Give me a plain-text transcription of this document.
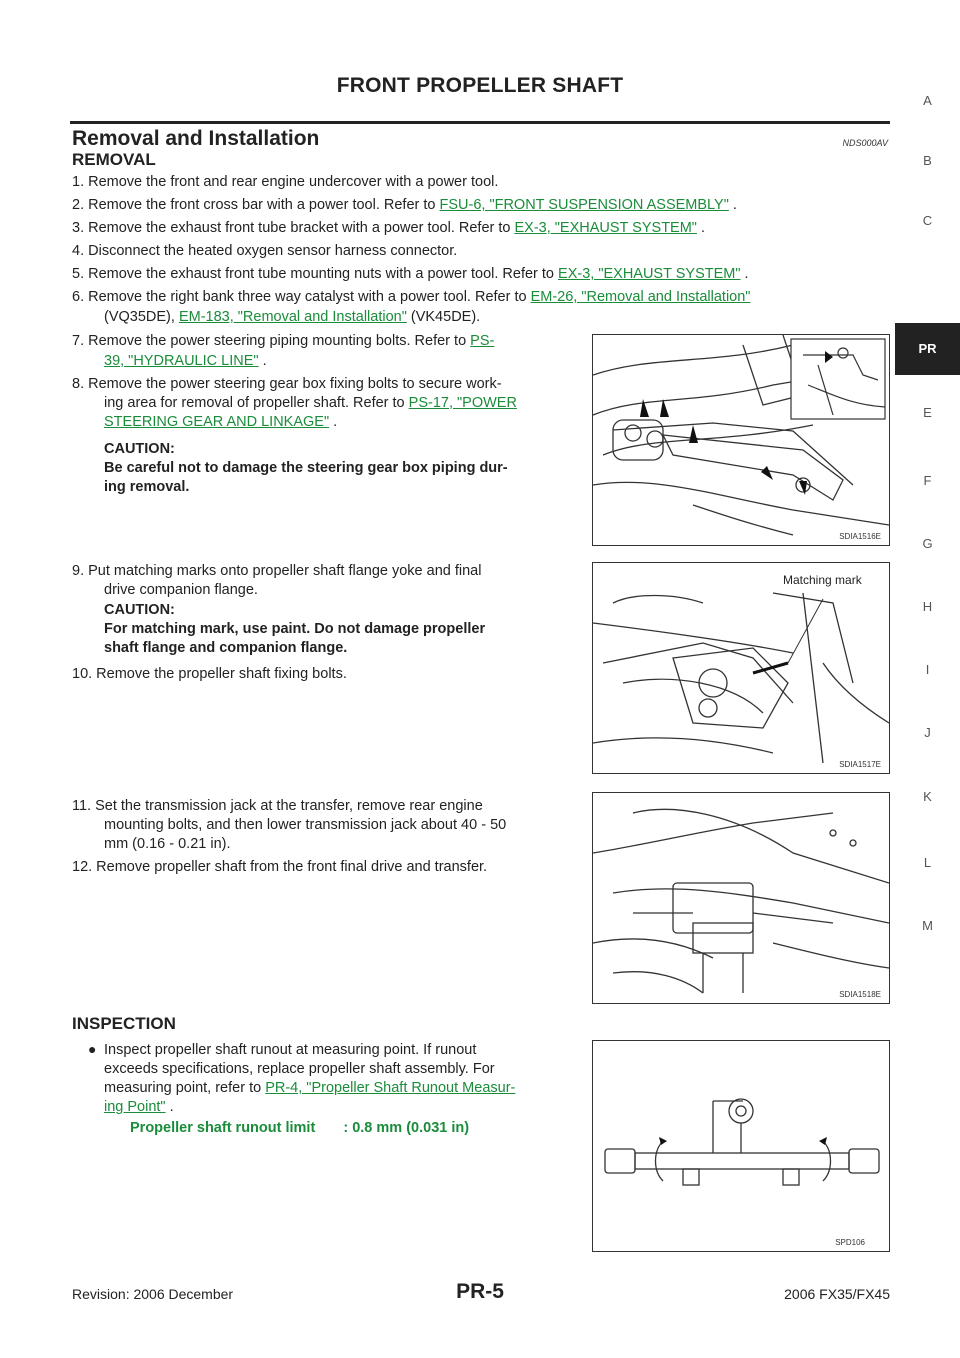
FRONT PROPELLER SHAFT
Removal and Installation	NDS000AV
A
B
C
PR
E
F
G
H
I
J
K
L
M
REMOVAL
1. Remove the front and rear engine undercover with a power tool.
2. Remove the front cross bar with a power tool. Refer to FSU-6, "FRONT SUSPENSION ASSEMBLY" .
3. Remove the exhaust front tube bracket with a power tool. Refer to EX-3, "EXHAUST SYSTEM" .
4. Disconnect the heated oxygen sensor harness connector.
5. Remove the exhaust front tube mounting nuts with a power tool. Refer to EX-3, "EXHAUST SYSTEM" .
6. Remove the right bank three way catalyst with a power tool. Refer to EM-26, "Removal and Installation"
(VQ35DE), EM-183, "Removal and Installation" (VK45DE).
7. Remove the power steering piping mounting bolts. Refer to PS-
39, "HYDRAULIC LINE" .
8. Remove the power steering gear box fixing bolts to secure work-
ing area for removal of propeller shaft. Refer to PS-17, "POWER
STEERING GEAR AND LINKAGE" .
CAUTION:
Be careful not to damage the steering gear box piping dur-
ing removal.
9. Put matching marks onto propeller shaft flange yoke and final
drive companion flange.
CAUTION:
For matching mark, use paint. Do not damage propeller
shaft flange and companion flange.
10. Remove the propeller shaft fixing bolts.
11. Set the transmission jack at the transfer, remove rear engine
mounting bolts, and then lower transmission jack about 40 - 50
mm (0.16 - 0.21 in).
12. Remove propeller shaft from the front final drive and transfer.
INSPECTION
● Inspect propeller shaft runout at measuring point. If runout
exceeds specifications, replace propeller shaft assembly. For
measuring point, refer to PR-4, "Propeller Shaft Runout Measur-
ing Point" .
Propeller shaft runout limit : 0.8 mm (0.031 in)
SDIA1516E
Matching mark
SDIA1517E
SDIA1518E
SPD106
Revision: 2006 December	PR-5	2006 FX35/FX45
